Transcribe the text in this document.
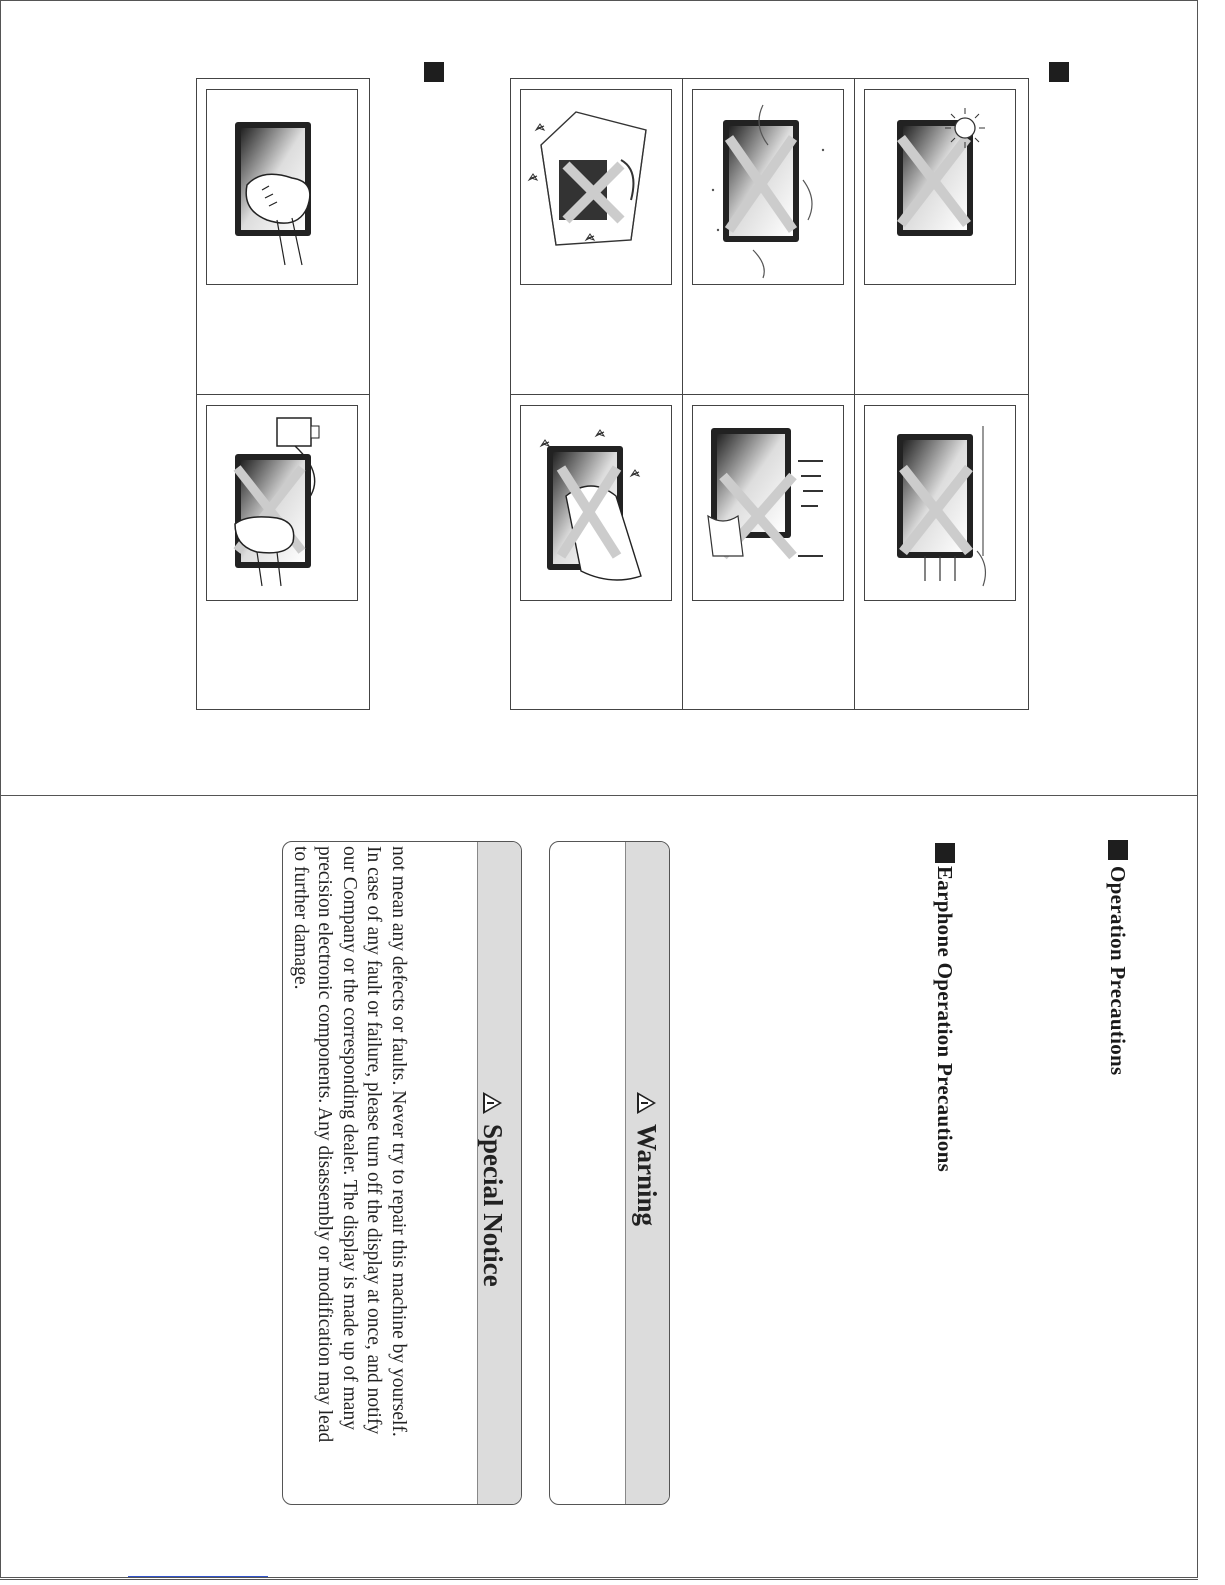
Operation Precautions
Earphone Operation Precautions
Warning
Special Notice
not mean any defects or faults. Never try to repair this machine by yourself.
In case of any fault or failure, please turn off the display at once, and notify
our Company or the corresponding dealer. The display is made up of many
precision electronic components. Any disassembly or modification may lead
to further damage.
